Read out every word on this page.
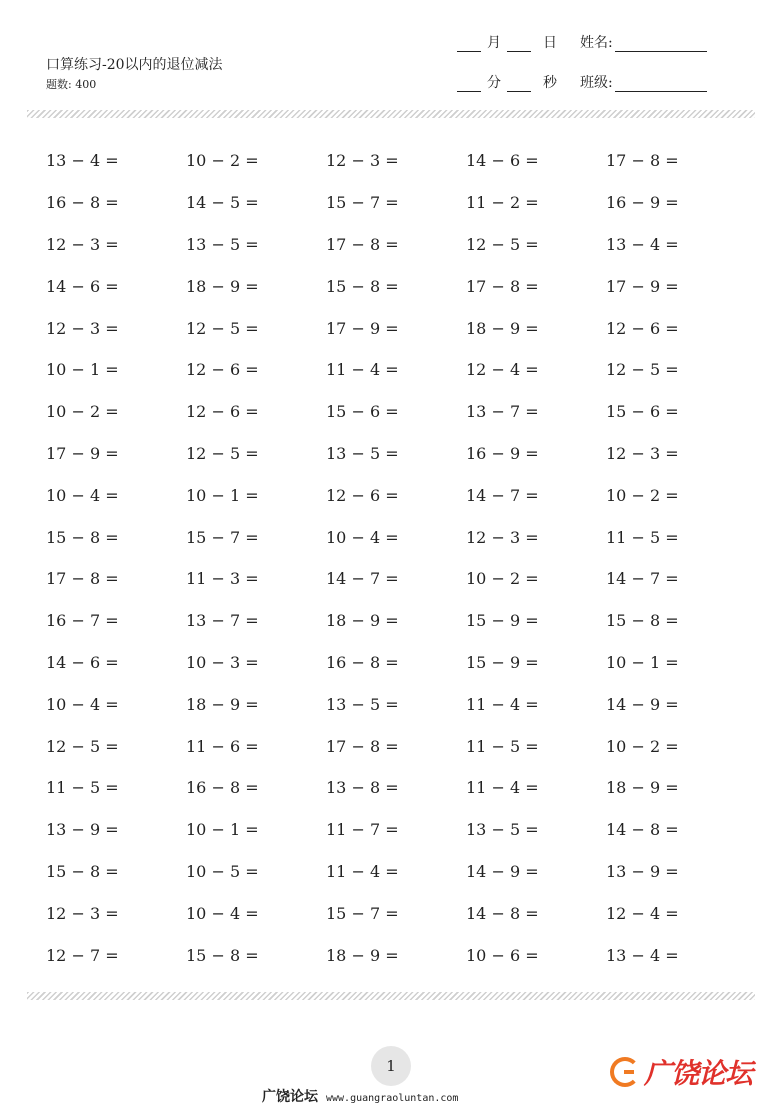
口算练习-20以内的退位减法
题数: 400
月	日 姓名:
分	秒 班级:
13 − 4 =	10 − 2 =	12 − 3 =	14 − 6 =	17 − 8 =
16 − 8 =	14 − 5 =	15 − 7 =	11 − 2 =	16 − 9 =
12 − 3 =	13 − 5 =	17 − 8 =	12 − 5 =	13 − 4 =
14 − 6 =	18 − 9 =	15 − 8 =	17 − 8 =	17 − 9 =
12 − 3 =	12 − 5 =	17 − 9 =	18 − 9 =	12 − 6 =
10 − 1 =	12 − 6 =	11 − 4 =	12 − 4 =	12 − 5 =
10 − 2 =	12 − 6 =	15 − 6 =	13 − 7 =	15 − 6 =
17 − 9 =	12 − 5 =	13 − 5 =	16 − 9 =	12 − 3 =
10 − 4 =	10 − 1 =	12 − 6 =	14 − 7 =	10 − 2 =
15 − 8 =	15 − 7 =	10 − 4 =	12 − 3 =	11 − 5 =
17 − 8 =	11 − 3 =	14 − 7 =	10 − 2 =	14 − 7 =
16 − 7 =	13 − 7 =	18 − 9 =	15 − 9 =	15 − 8 =
14 − 6 =	10 − 3 =	16 − 8 =	15 − 9 =	10 − 1 =
10 − 4 =	18 − 9 =	13 − 5 =	11 − 4 =	14 − 9 =
12 − 5 =	11 − 6 =	17 − 8 =	11 − 5 =	10 − 2 =
11 − 5 =	16 − 8 =	13 − 8 =	11 − 4 =	18 − 9 =
13 − 9 =	10 − 1 =	11 − 7 =	13 − 5 =	14 − 8 =
15 − 8 =	10 − 5 =	11 − 4 =	14 − 9 =	13 − 9 =
12 − 3 =	10 − 4 =	15 − 7 =	14 − 8 =	12 − 4 =
12 − 7 =	15 − 8 =	18 − 9 =	10 − 6 =	13 − 4 =
1
广饶论坛 www.guangraoluntan.com
广饶论坛
